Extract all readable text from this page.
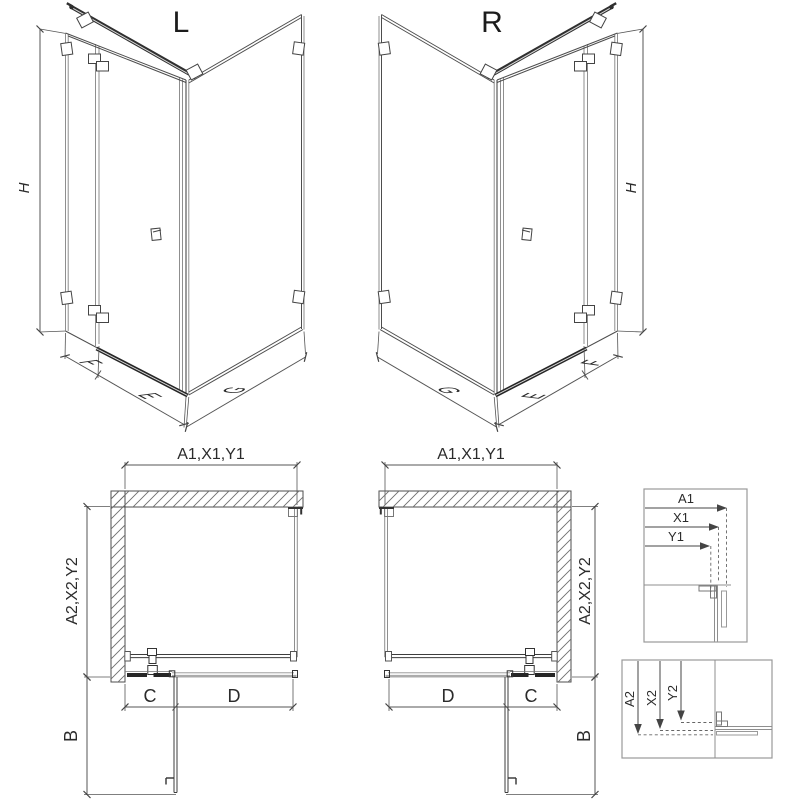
L
H
F
E
G
R
H
F
E
G
A1,X1,Y1
A2,X2,Y2
C	D
B
A1,X1,Y1
A2,X2,Y2
D	C
B
A1
X1
Y1
A2 X2 Y2
